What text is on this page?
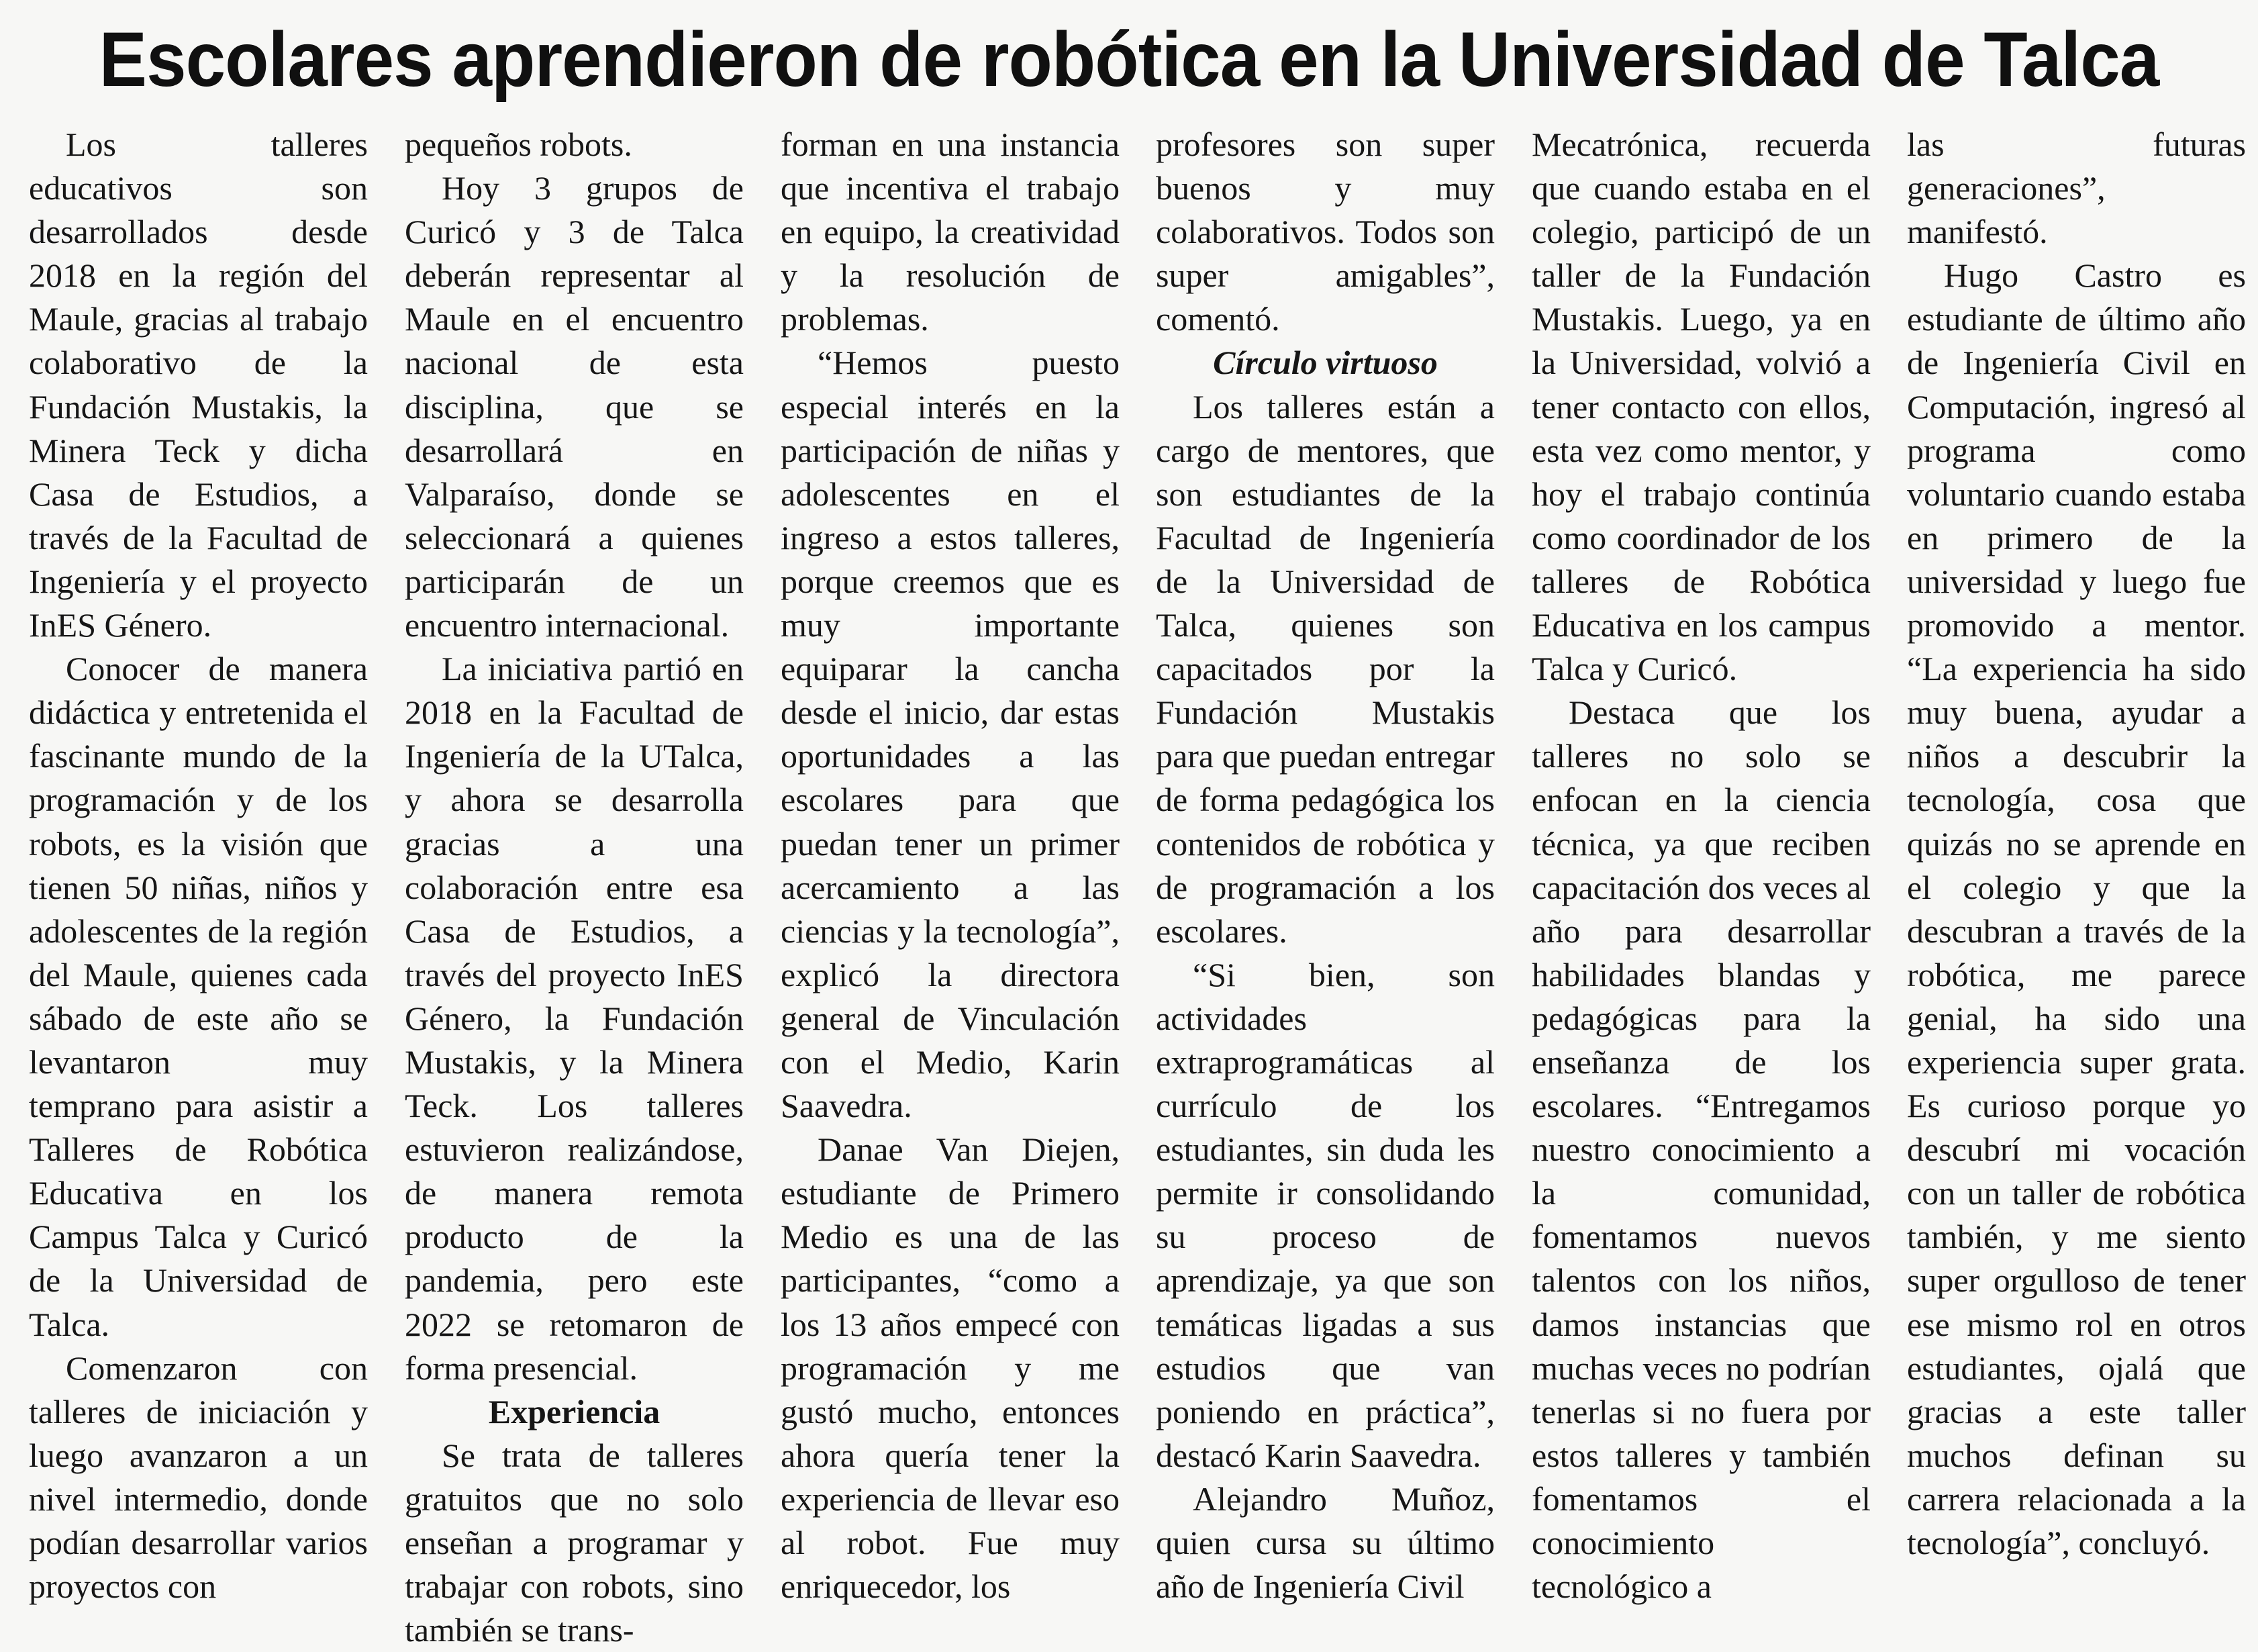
Escolares aprendieron de robótica en la Universidad de Talca

Los talleres educativos son desarrollados desde 2018 en la región del Maule, gracias al trabajo colaborativo de la Fundación Mustakis, la Minera Teck y dicha Casa de Estudios, a través de la Facultad de Ingeniería y el proyecto InES Género.

Conocer de manera didáctica y entretenida el fascinante mundo de la programación y de los robots, es la visión que tienen 50 niñas, niños y adolescentes de la región del Maule, quienes cada sábado de este año se levantaron muy temprano para asistir a Talleres de Robótica Educativa en los Campus Talca y Curicó de la Universidad de Talca.

Comenzaron con talleres de iniciación y luego avanzaron a un nivel intermedio, donde podían desarrollar varios proyectos con

pequeños robots.

Hoy 3 grupos de Curicó y 3 de Talca deberán representar al Maule en el encuentro nacional de esta disciplina, que se desarrollará en Valparaíso, donde se seleccionará a quienes participarán de un encuentro internacional.

La iniciativa partió en 2018 en la Facultad de Ingeniería de la UTalca, y ahora se desarrolla gracias a una colaboración entre esa Casa de Estudios, a través del proyecto InES Género, la Fundación Mustakis, y la Minera Teck. Los talleres estuvieron realizándose, de manera remota producto de la pandemia, pero este 2022 se retomaron de forma presencial.

Experiencia

Se trata de talleres gratuitos que no solo enseñan a programar y trabajar con robots, sino también se trans-

forman en una instancia que incentiva el trabajo en equipo, la creatividad y la resolución de problemas.

“Hemos puesto especial interés en la participación de niñas y adolescentes en el ingreso a estos talleres, porque creemos que es muy importante equiparar la cancha desde el inicio, dar estas oportunidades a las escolares para que puedan tener un primer acercamiento a las ciencias y la tecnología”, explicó la directora general de Vinculación con el Medio, Karin Saavedra.

Danae Van Diejen, estudiante de Primero Medio es una de las participantes, “como a los 13 años empecé con programación y me gustó mucho, entonces ahora quería tener la experiencia de llevar eso al robot. Fue muy enriquecedor, los

profesores son super buenos y muy colaborativos. Todos son super amigables”, comentó.

Círculo virtuoso

Los talleres están a cargo de mentores, que son estudiantes de la Facultad de Ingeniería de la Universidad de Talca, quienes son capacitados por la Fundación Mustakis para que puedan entregar de forma pedagógica los contenidos de robótica y de programación a los escolares.

“Si bien, son actividades extraprogramáticas al currículo de los estudiantes, sin duda les permite ir consolidando su proceso de aprendizaje, ya que son temáticas ligadas a sus estudios que van poniendo en práctica”, destacó Karin Saavedra.

Alejandro Muñoz, quien cursa su último año de Ingeniería Civil

Mecatrónica, recuerda que cuando estaba en el colegio, participó de un taller de la Fundación Mustakis. Luego, ya en la Universidad, volvió a tener contacto con ellos, esta vez como mentor, y hoy el trabajo continúa como coordinador de los talleres de Robótica Educativa en los campus Talca y Curicó.

Destaca que los talleres no solo se enfocan en la ciencia técnica, ya que reciben capacitación dos veces al año para desarrollar habilidades blandas y pedagógicas para la enseñanza de los escolares. “Entregamos nuestro conocimiento a la comunidad, fomentamos nuevos talentos con los niños, damos instancias que muchas veces no podrían tenerlas si no fuera por estos talleres y también fomentamos el conocimiento tecnológico a

las futuras generaciones”, manifestó.

Hugo Castro es estudiante de último año de Ingeniería Civil en Computación, ingresó al programa como voluntario cuando estaba en primero de la universidad y luego fue promovido a mentor. “La experiencia ha sido muy buena, ayudar a niños a descubrir la tecnología, cosa que quizás no se aprende en el colegio y que la descubran a través de la robótica, me parece genial, ha sido una experiencia super grata. Es curioso porque yo descubrí mi vocación con un taller de robótica también, y me siento super orgulloso de tener ese mismo rol en otros estudiantes, ojalá que gracias a este taller muchos definan su carrera relacionada a la tecnología”, concluyó.
